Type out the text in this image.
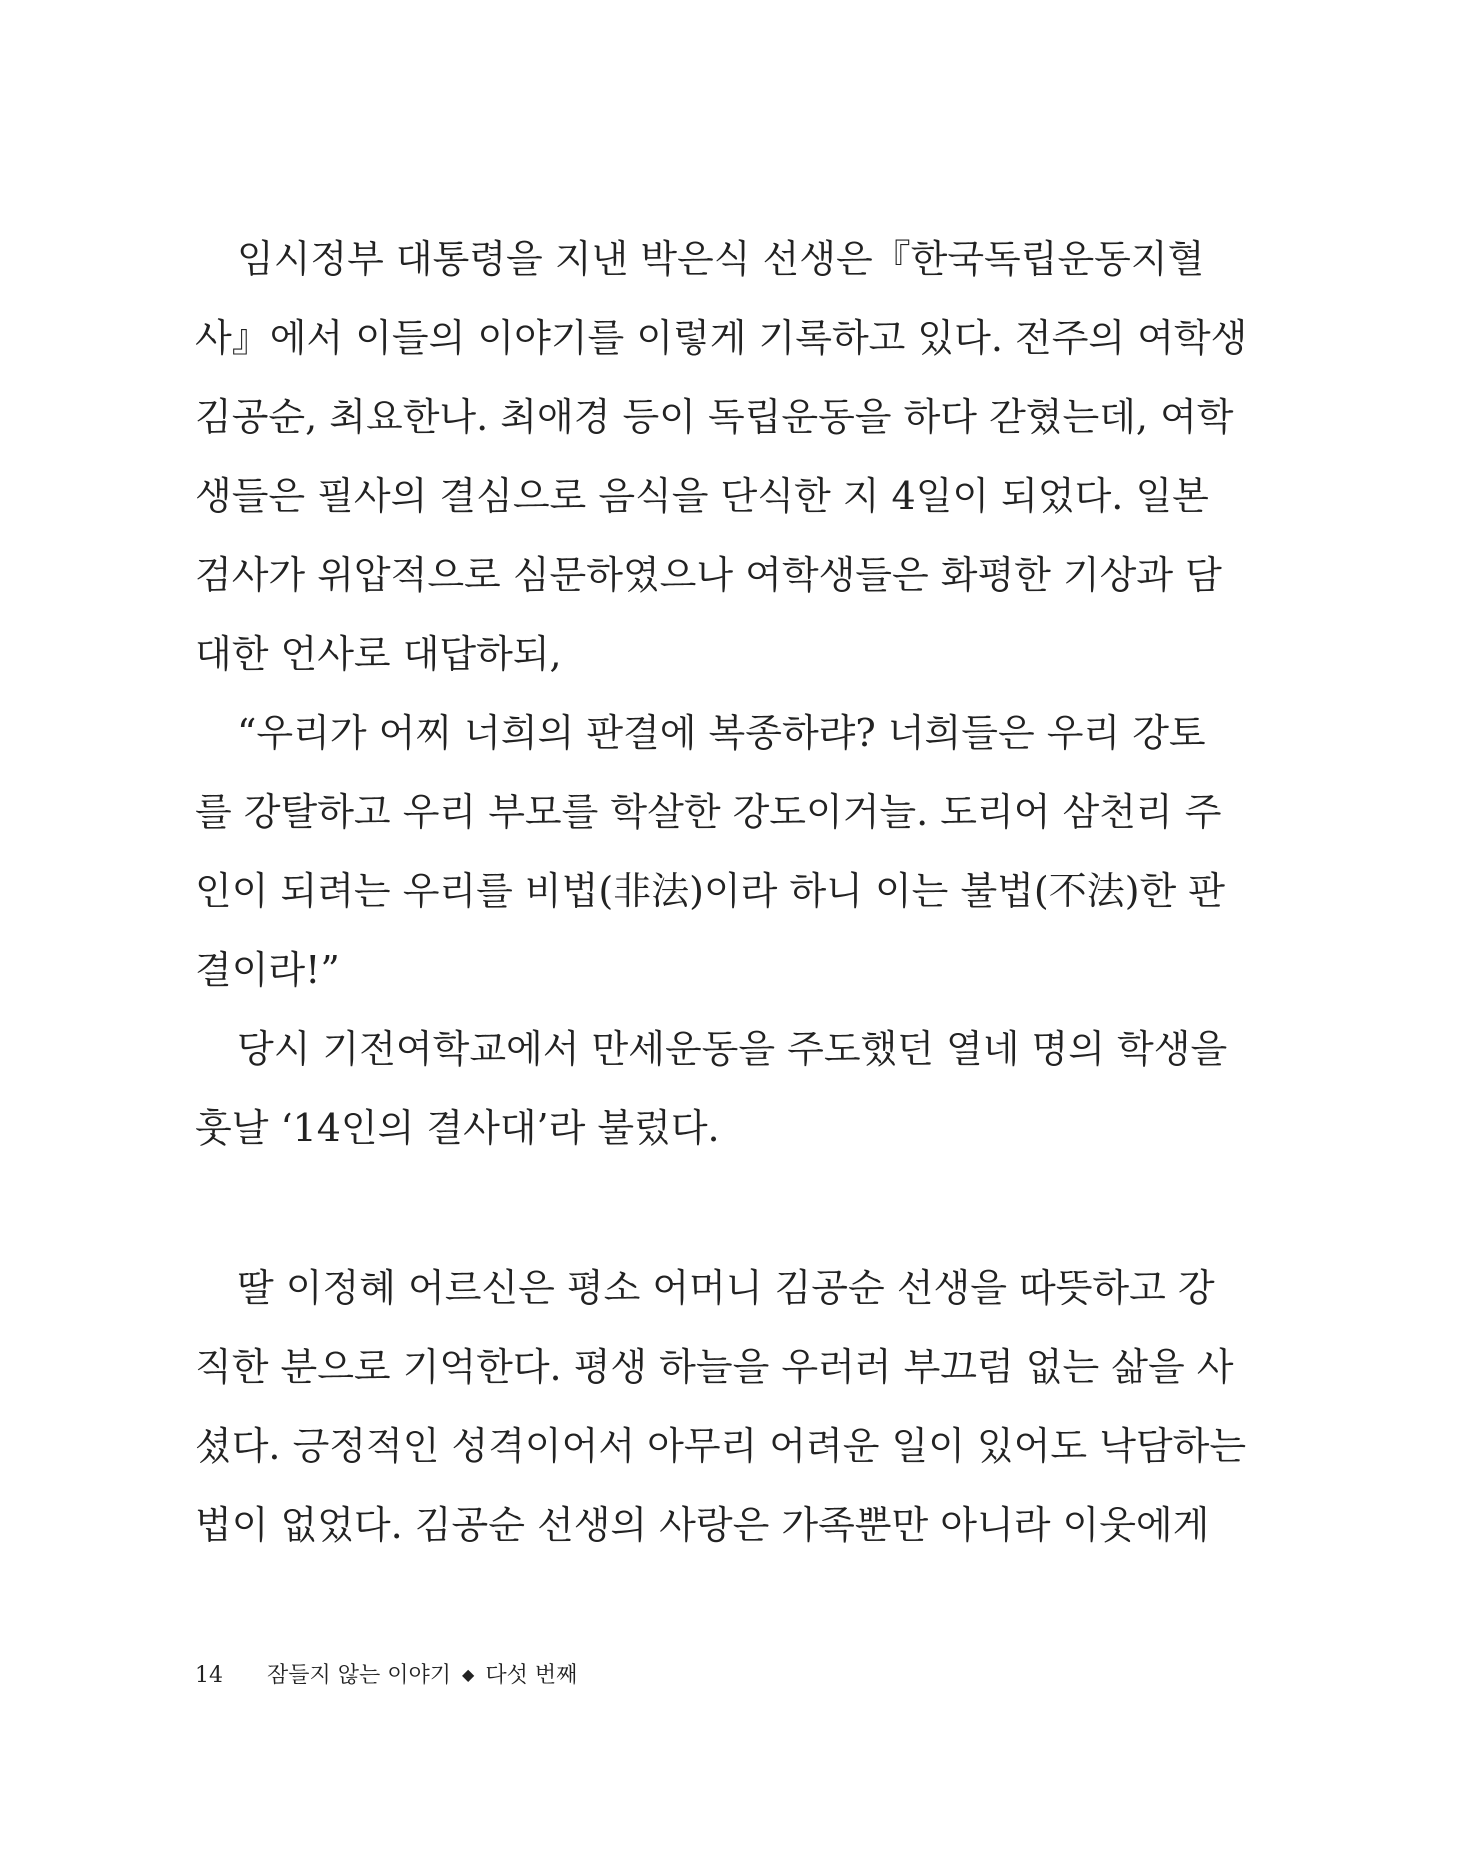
임시정부 대통령을 지낸 박은식 선생은『한국독립운동지혈
사』에서 이들의 이야기를 이렇게 기록하고 있다. 전주의 여학생
김공순, 최요한나. 최애경 등이 독립운동을 하다 갇혔는데, 여학
생들은 필사의 결심으로 음식을 단식한 지 4일이 되었다. 일본
검사가 위압적으로 심문하였으나 여학생들은 화평한 기상과 담
대한 언사로 대답하되,
“우리가 어찌 너희의 판결에 복종하랴? 너희들은 우리 강토
를 강탈하고 우리 부모를 학살한 강도이거늘. 도리어 삼천리 주
인이 되려는 우리를 비법(非法)이라 하니 이는 불법(不法)한 판
결이라!”
당시 기전여학교에서 만세운동을 주도했던 열네 명의 학생을
훗날 ‘14인의 결사대’라 불렀다.
딸 이정혜 어르신은 평소 어머니 김공순 선생을 따뜻하고 강
직한 분으로 기억한다. 평생 하늘을 우러러 부끄럼 없는 삶을 사
셨다. 긍정적인 성격이어서 아무리 어려운 일이 있어도 낙담하는
법이 없었다. 김공순 선생의 사랑은 가족뿐만 아니라 이웃에게
14 잠들지 않는 이야기 ◆ 다섯 번째
